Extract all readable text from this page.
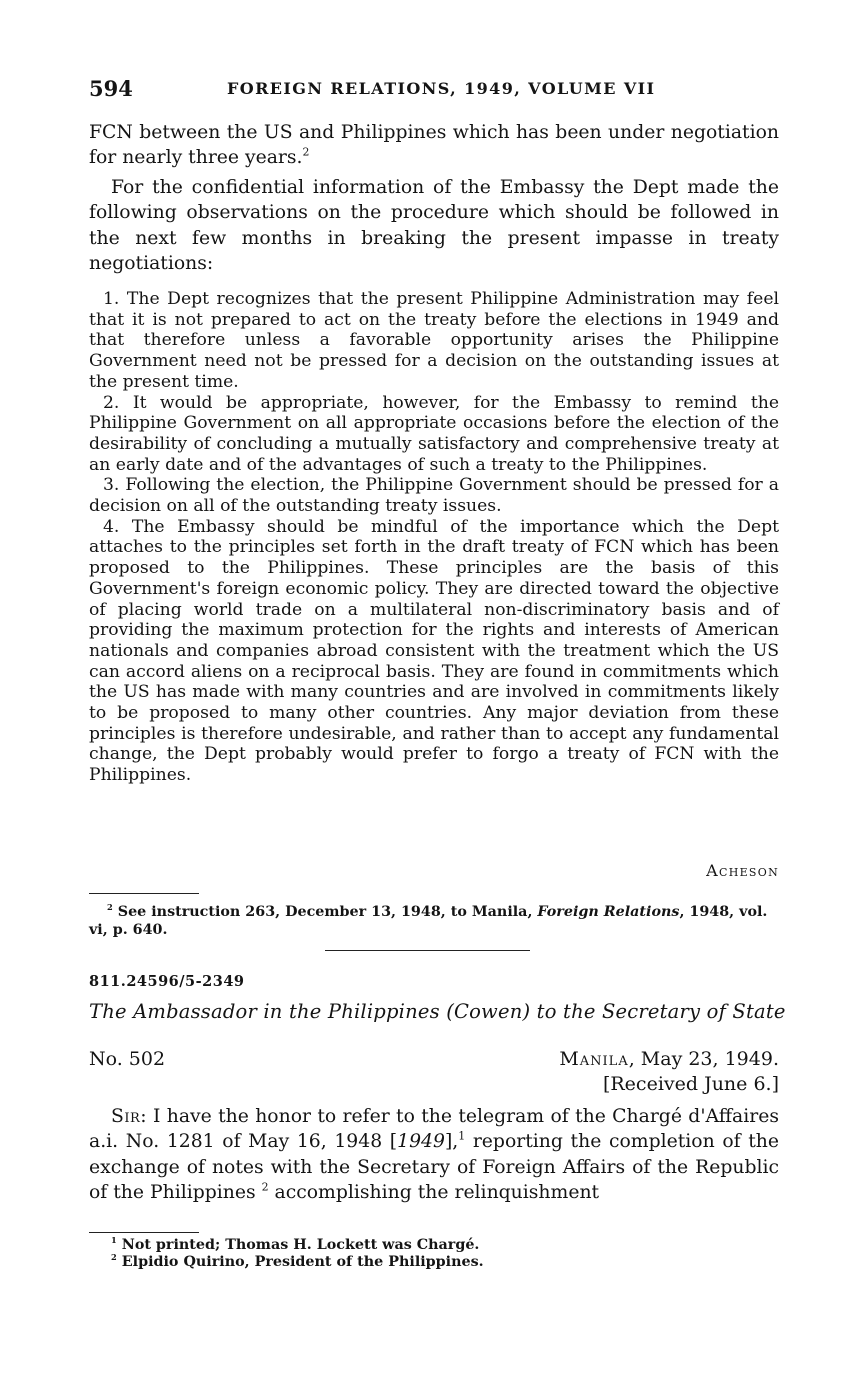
594	FOREIGN RELATIONS, 1949, VOLUME VII

FCN between the US and Philippines which has been under negotiation for nearly three years.$^2$

For the confidential information of the Embassy the Dept made the following observations on the procedure which should be followed in the next few months in breaking the present impasse in treaty negotiations:

1. The Dept recognizes that the present Philippine Administration may feel that it is not prepared to act on the treaty before the elections in 1949 and that therefore unless a favorable opportunity arises the Philippine Government need not be pressed for a decision on the outstanding issues at the present time.

2. It would be appropriate, however, for the Embassy to remind the Philippine Government on all appropriate occasions before the election of the desirability of concluding a mutually satisfactory and comprehensive treaty at an early date and of the advantages of such a treaty to the Philippines.

3. Following the election, the Philippine Government should be pressed for a decision on all of the outstanding treaty issues.

4. The Embassy should be mindful of the importance which the Dept attaches to the principles set forth in the draft treaty of FCN which has been proposed to the Philippines. These principles are the basis of this Government's foreign economic policy. They are directed toward the objective of placing world trade on a multilateral non-discriminatory basis and of providing the maximum protection for the rights and interests of American nationals and companies abroad consistent with the treatment which the US can accord aliens on a reciprocal basis. They are found in commitments which the US has made with many countries and are involved in commitments likely to be proposed to many other countries. Any major deviation from these principles is therefore undesirable, and rather than to accept any fundamental change, the Dept probably would prefer to forgo a treaty of FCN with the Philippines.

Acheson
$^2$ See instruction 263, December 13, 1948, to Manila, Foreign Relations, 1948, vol. vi, p. 640.
811.24596/5-2349
The Ambassador in the Philippines (Cowen) to the Secretary of State
No. 502	Manila, May 23, 1949.
[Received June 6.]

Sir: I have the honor to refer to the telegram of the Chargé d'Affaires a.i. No. 1281 of May 16, 1948 [1949],$^1$ reporting the completion of the exchange of notes with the Secretary of Foreign Affairs of the Republic of the Philippines $^2$ accomplishing the relinquishment

$^1$ Not printed; Thomas H. Lockett was Chargé.
$^2$ Elpidio Quirino, President of the Philippines.
